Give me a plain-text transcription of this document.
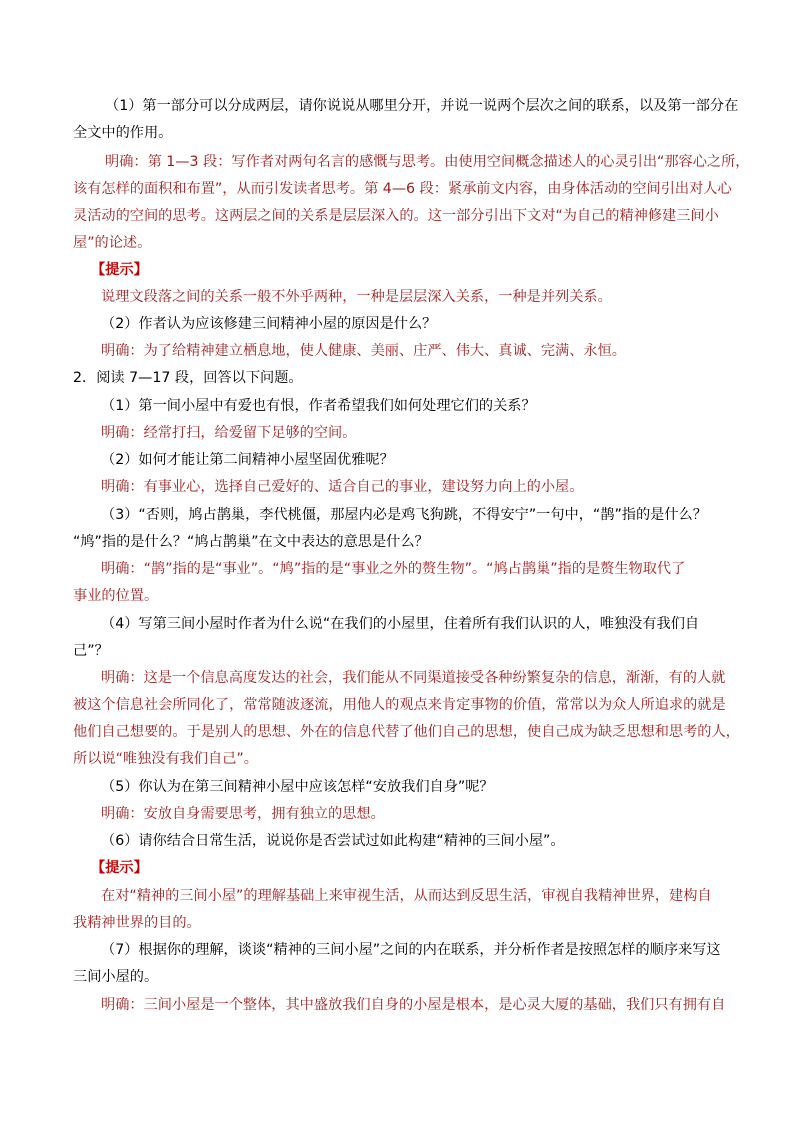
（1）第一部分可以分成两层，请你说说从哪里分开，并说一说两个层次之间的联系，以及第一部分在
全文中的作用。
明确：第 1—3 段：写作者对两句名言的感慨与思考。由使用空间概念描述人的心灵引出“那容心之所，
该有怎样的面积和布置”，从而引发读者思考。第 4—6 段：紧承前文内容，由身体活动的空间引出对人心
灵活动的空间的思考。这两层之间的关系是层层深入的。这一部分引出下文对“为自己的精神修建三间小
屋”的论述。
【提示】
说理文段落之间的关系一般不外乎两种，一种是层层深入关系，一种是并列关系。
（2）作者认为应该修建三间精神小屋的原因是什么？
明确：为了给精神建立栖息地，使人健康、美丽、庄严、伟大、真诚、完满、永恒。
2．阅读 7—17 段，回答以下问题。
（1）第一间小屋中有爱也有恨，作者希望我们如何处理它们的关系？
明确：经常打扫，给爱留下足够的空间。
（2）如何才能让第二间精神小屋坚固优雅呢？
明确：有事业心，选择自己爱好的、适合自己的事业，建设努力向上的小屋。
（3）“否则，鸠占鹊巢，李代桃僵，那屋内必是鸡飞狗跳，不得安宁”一句中，“鹊”指的是什么？
“鸠”指的是什么？“鸠占鹊巢”在文中表达的意思是什么？
明确：“鹊”指的是“事业”。“鸠”指的是“事业之外的赘生物”。“鸠占鹊巢”指的是赘生物取代了
事业的位置。
（4）写第三间小屋时作者为什么说“在我们的小屋里，住着所有我们认识的人，唯独没有我们自
己”？
明确：这是一个信息高度发达的社会，我们能从不同渠道接受各种纷繁复杂的信息，渐渐，有的人就
被这个信息社会所同化了，常常随波逐流，用他人的观点来肯定事物的价值，常常以为众人所追求的就是
他们自己想要的。于是别人的思想、外在的信息代替了他们自己的思想，使自己成为缺乏思想和思考的人，
所以说“唯独没有我们自己”。
（5）你认为在第三间精神小屋中应该怎样“安放我们自身”呢？
明确：安放自身需要思考，拥有独立的思想。
（6）请你结合日常生活，说说你是否尝试过如此构建“精神的三间小屋”。
【提示】
在对“精神的三间小屋”的理解基础上来审视生活，从而达到反思生活，审视自我精神世界，建构自
我精神世界的目的。
（7）根据你的理解，谈谈“精神的三间小屋”之间的内在联系，并分析作者是按照怎样的顺序来写这
三间小屋的。
明确：三间小屋是一个整体，其中盛放我们自身的小屋是根本，是心灵大厦的基础，我们只有拥有自
